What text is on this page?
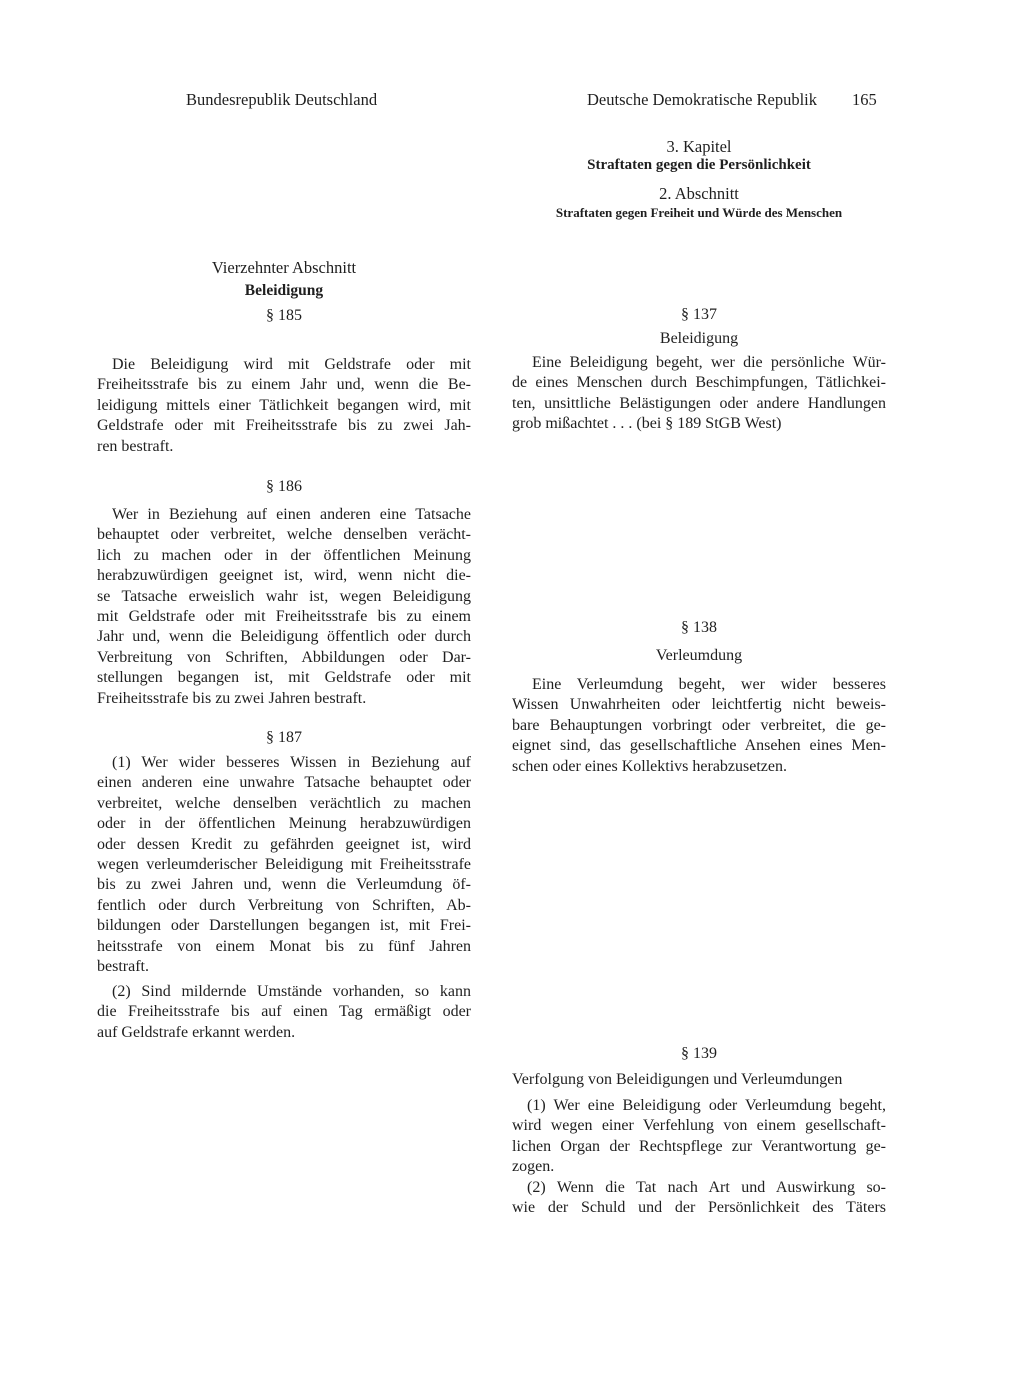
Bundesrepublik Deutschland	Deutsche Demokratische Republik 165
3. Kapitel
Straftaten gegen die Persönlichkeit
2. Abschnitt
Straftaten gegen Freiheit und Würde des Menschen
Vierzehnter Abschnitt
Beleidigung
§ 185
Die Beleidigung wird mit Geldstrafe oder mit
Freiheitsstrafe bis zu einem Jahr und, wenn die Be-
leidigung mittels einer Tätlichkeit begangen wird, mit
Geldstrafe oder mit Freiheitsstrafe bis zu zwei Jah-
ren bestraft.
§ 186
Wer in Beziehung auf einen anderen eine Tatsache
behauptet oder verbreitet, welche denselben verächt-
lich zu machen oder in der öffentlichen Meinung
herabzuwürdigen geeignet ist, wird, wenn nicht die-
se Tatsache erweislich wahr ist, wegen Beleidigung
mit Geldstrafe oder mit Freiheitsstrafe bis zu einem
Jahr und, wenn die Beleidigung öffentlich oder durch
Verbreitung von Schriften, Abbildungen oder Dar-
stellungen begangen ist, mit Geldstrafe oder mit
Freiheitsstrafe bis zu zwei Jahren bestraft.
§ 187
(1) Wer wider besseres Wissen in Beziehung auf
einen anderen eine unwahre Tatsache behauptet oder
verbreitet, welche denselben verächtlich zu machen
oder in der öffentlichen Meinung herabzuwürdigen
oder dessen Kredit zu gefährden geeignet ist, wird
wegen verleumderischer Beleidigung mit Freiheitsstrafe
bis zu zwei Jahren und, wenn die Verleumdung öf-
fentlich oder durch Verbreitung von Schriften, Ab-
bildungen oder Darstellungen begangen ist, mit Frei-
heitsstrafe von einem Monat bis zu fünf Jahren
bestraft.
(2) Sind mildernde Umstände vorhanden, so kann
die Freiheitsstrafe bis auf einen Tag ermäßigt oder
auf Geldstrafe erkannt werden.
§ 137
Beleidigung
Eine Beleidigung begeht, wer die persönliche Wür-
de eines Menschen durch Beschimpfungen, Tätlichkei-
ten, unsittliche Belästigungen oder andere Handlungen
grob mißachtet . . . (bei § 189 StGB West)
§ 138
Verleumdung
Eine Verleumdung begeht, wer wider besseres
Wissen Unwahrheiten oder leichtfertig nicht beweis-
bare Behauptungen vorbringt oder verbreitet, die ge-
eignet sind, das gesellschaftliche Ansehen eines Men-
schen oder eines Kollektivs herabzusetzen.
§ 139
Verfolgung von Beleidigungen und Verleumdungen
(1) Wer eine Beleidigung oder Verleumdung begeht,
wird wegen einer Verfehlung von einem gesellschaft-
lichen Organ der Rechtspflege zur Verantwortung ge-
zogen.
(2) Wenn die Tat nach Art und Auswirkung so-
wie der Schuld und der Persönlichkeit des Täters
